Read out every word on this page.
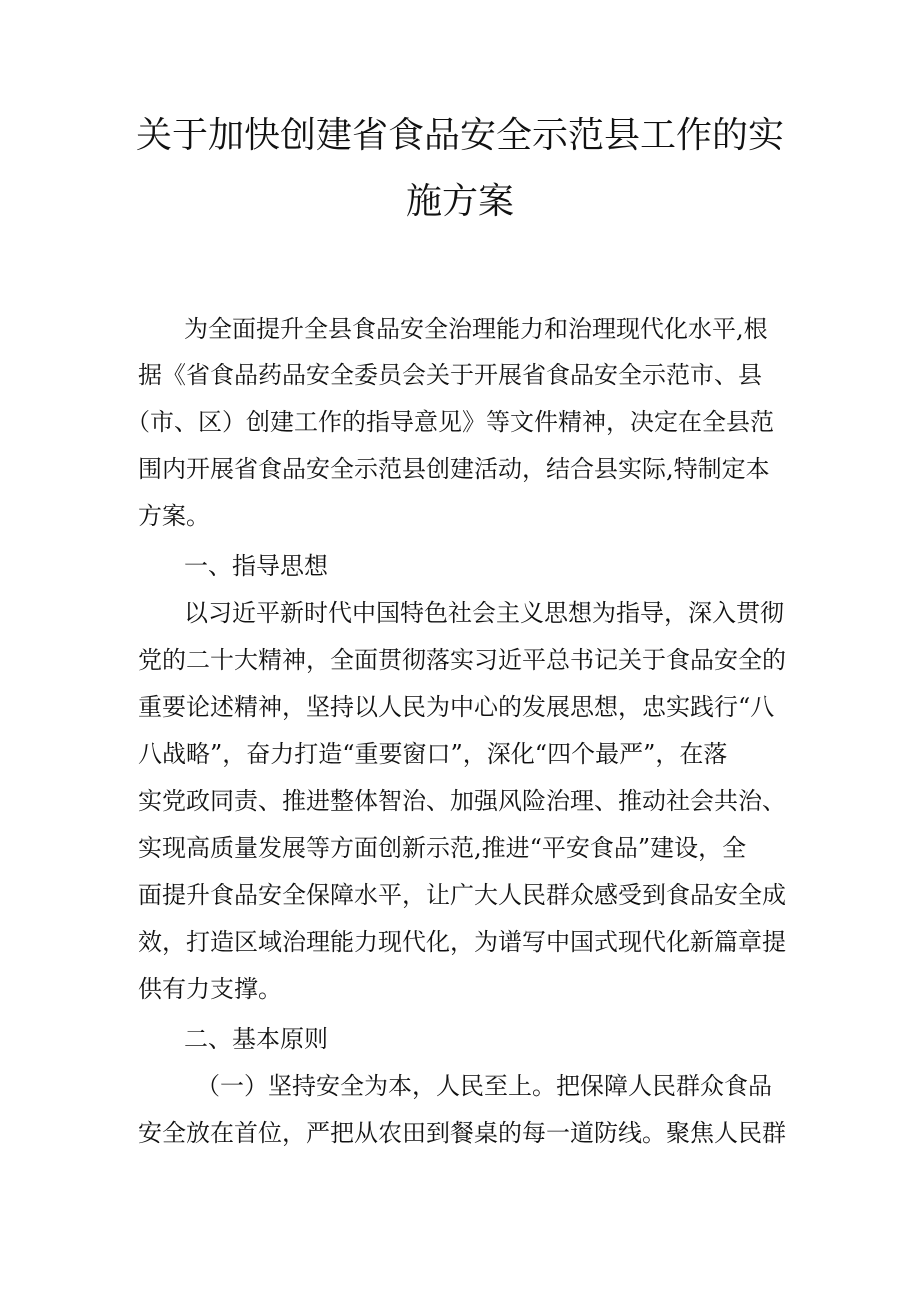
关于加快创建省食品安全示范县工作的实
施方案

为全面提升全县食品安全治理能力和治理现代化水平,根

据《省食品药品安全委员会关于开展省食品安全示范市、县

（市、区）创建工作的指导意见》等文件精神，决定在全县范

围内开展省食品安全示范县创建活动，结合县实际,特制定本

方案。

一、指导思想

以习近平新时代中国特色社会主义思想为指导，深入贯彻

党的二十大精神，全面贯彻落实习近平总书记关于食品安全的

重要论述精神，坚持以人民为中心的发展思想，忠实践行“八

八战略”，奋力打造“重要窗口”，深化“四个最严”，在落

实党政同责、推进整体智治、加强风险治理、推动社会共治、

实现高质量发展等方面创新示范,推进“平安食品”建设，全

面提升食品安全保障水平，让广大人民群众感受到食品安全成

效，打造区域治理能力现代化，为谱写中国式现代化新篇章提

供有力支撑。

二、基本原则

（一）坚持安全为本，人民至上。把保障人民群众食品

安全放在首位，严把从农田到餐桌的每一道防线。聚焦人民群
